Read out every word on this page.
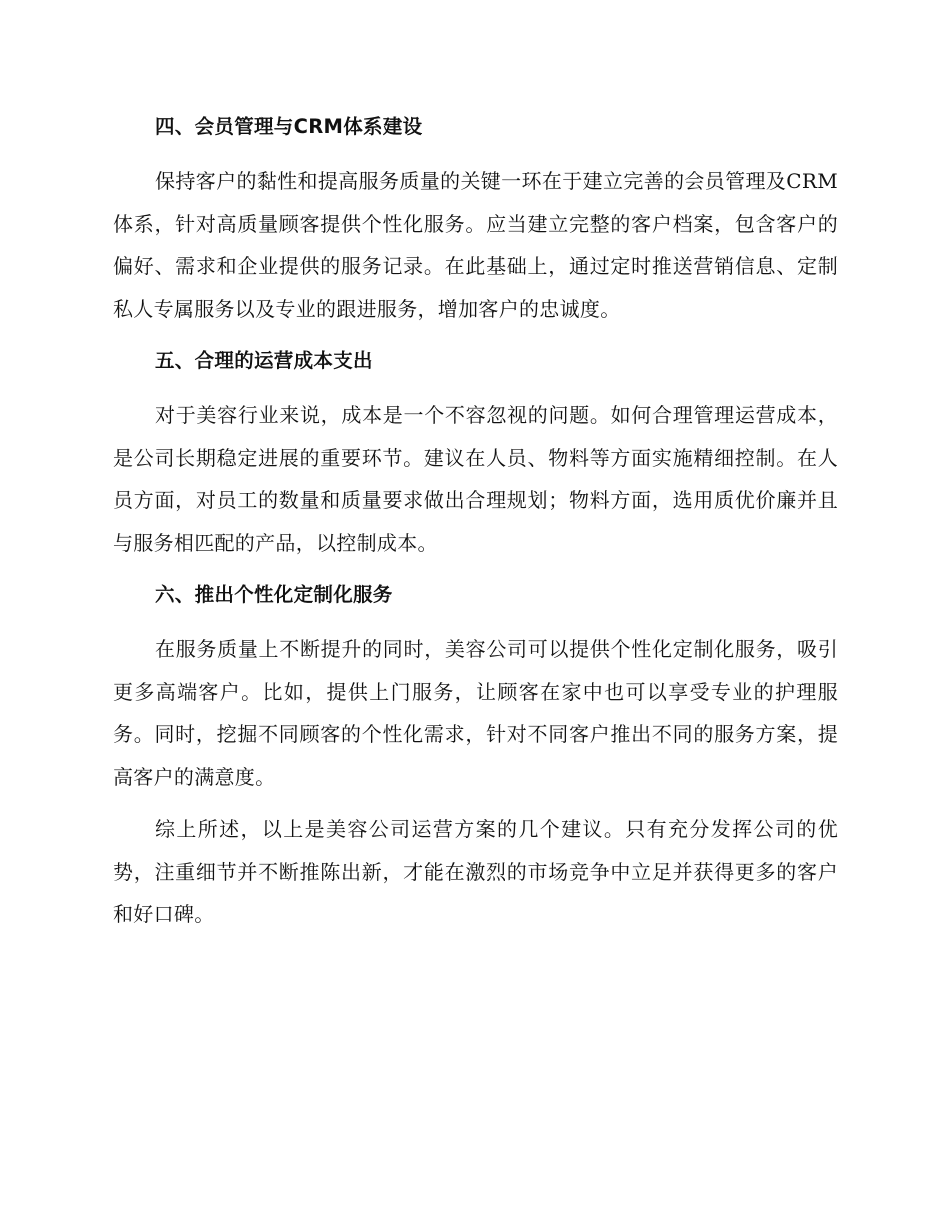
四、会员管理与CRM体系建设

保持客户的黏性和提高服务质量的关键一环在于建立完善的会员管理及CRM体系，针对高质量顾客提供个性化服务。应当建立完整的客户档案，包含客户的偏好、需求和企业提供的服务记录。在此基础上，通过定时推送营销信息、定制私人专属服务以及专业的跟进服务，增加客户的忠诚度。

五、合理的运营成本支出

对于美容行业来说，成本是一个不容忽视的问题。如何合理管理运营成本，是公司长期稳定进展的重要环节。建议在人员、物料等方面实施精细控制。在人员方面，对员工的数量和质量要求做出合理规划；物料方面，选用质优价廉并且与服务相匹配的产品，以控制成本。

六、推出个性化定制化服务

在服务质量上不断提升的同时，美容公司可以提供个性化定制化服务，吸引更多高端客户。比如，提供上门服务，让顾客在家中也可以享受专业的护理服务。同时，挖掘不同顾客的个性化需求，针对不同客户推出不同的服务方案，提高客户的满意度。

综上所述，以上是美容公司运营方案的几个建议。只有充分发挥公司的优势，注重细节并不断推陈出新，才能在激烈的市场竞争中立足并获得更多的客户和好口碑。
